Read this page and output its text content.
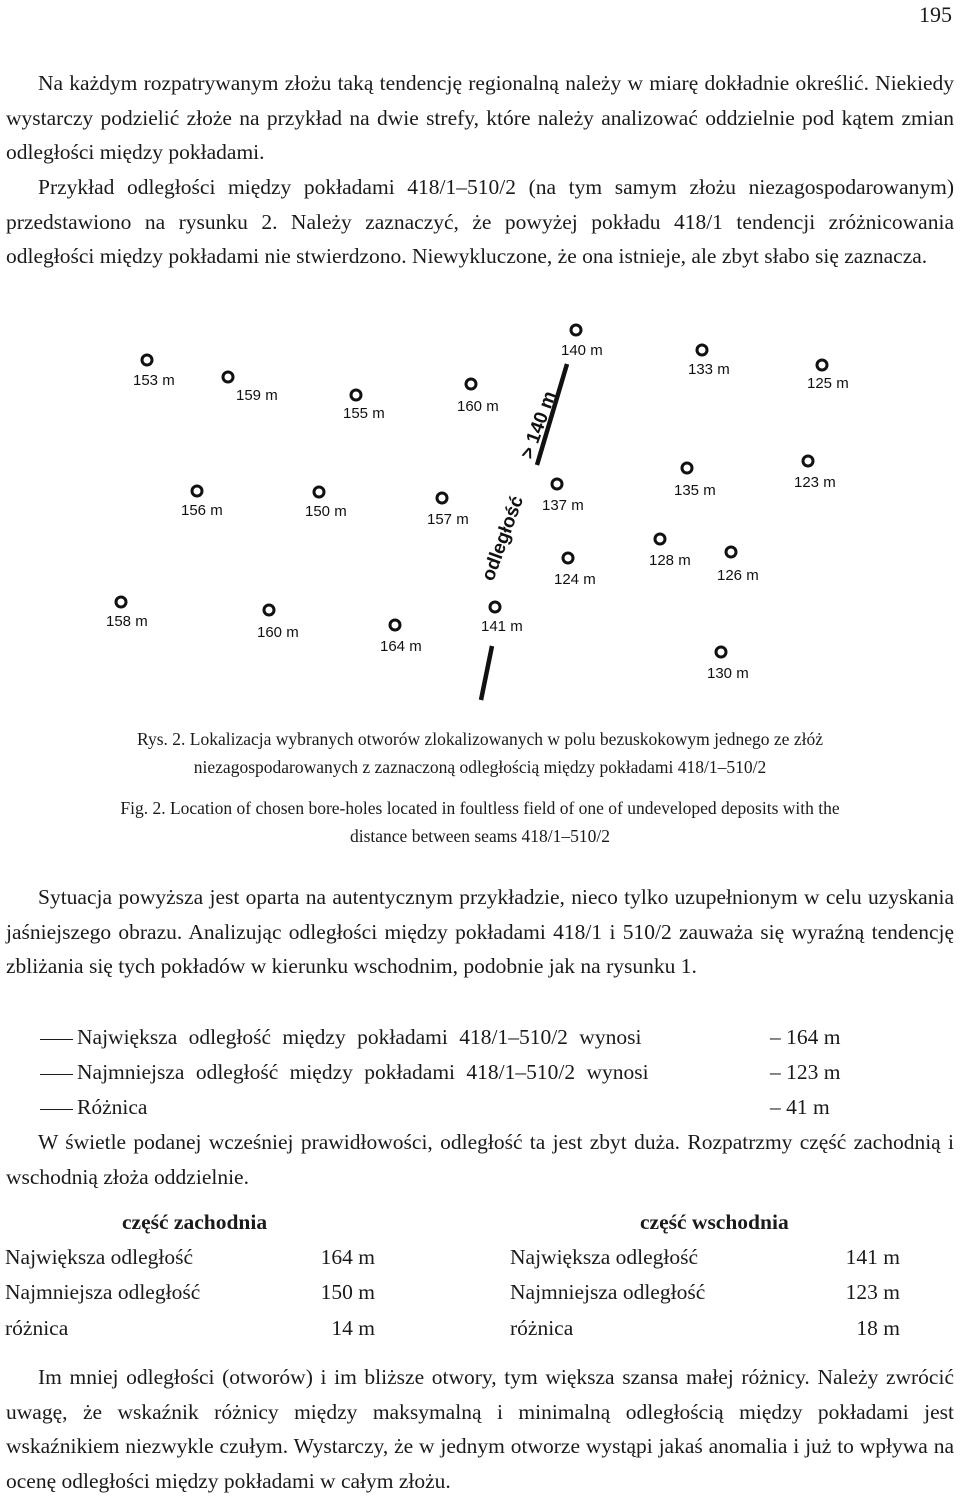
195

Na każdym rozpatrywanym złożu taką tendencję regionalną należy w miarę dokładnie określić. Niekiedy wystarczy podzielić złoże na przykład na dwie strefy, które należy analizować oddzielnie pod kątem zmian odległości między pokładami.

Przykład odległości między pokładami 418/1–510/2 (na tym samym złożu niezagospodarowanym) przedstawiono na rysunku 2. Należy zaznaczyć, że powyżej pokładu 418/1 tendencji zróżnicowania odległości między pokładami nie stwierdzono. Niewykluczone, że ona istnieje, ale zbyt słabo się zaznacza.

153 m
159 m
155 m	160 m
140 m
133 m
125 m
156 m	150 m	157 m
137 m
135 m	123 m
128 m
124 m	126 m
158 m
160 m
164 m
141 m
130 m
> 140 m
odległość
Rys. 2. Lokalizacja wybranych otworów zlokalizowanych w polu bezuskokowym jednego ze złóż
niezagospodarowanych z zaznaczoną odległością między pokładami 418/1–510/2
Fig. 2. Location of chosen bore-holes located in foultless field of one of undeveloped deposits with the
distance between seams 418/1–510/2

Sytuacja powyższa jest oparta na autentycznym przykładzie, nieco tylko uzupełnionym w celu uzyskania jaśniejszego obrazu. Analizując odległości między pokładami 418/1 i 510/2 zauważa się wyraźną tendencję zbliżania się tych pokładów w kierunku wschodnim, podobnie jak na rysunku 1.

Największa odległość między pokładami 418/1–510/2 wynosi	– 164 m
Najmniejsza odległość między pokładami 418/1–510/2 wynosi	– 123 m
Różnica	– 41 m

W świetle podanej wcześniej prawidłowości, odległość ta jest zbyt duża. Rozpatrzmy część zachodnią i wschodnią złoża oddzielnie.

część zachodnia	część wschodnia
Największa odległość	164 m	Największa odległość	141 m
Najmniejsza odległość	150 m	Najmniejsza odległość	123 m
różnica	14 m	różnica	18 m

Im mniej odległości (otworów) i im bliższe otwory, tym większa szansa małej różnicy. Należy zwrócić uwagę, że wskaźnik różnicy między maksymalną i minimalną odległością między pokładami jest wskaźnikiem niezwykle czułym. Wystarczy, że w jednym otworze wystąpi jakaś anomalia i już to wpływa na ocenę odległości między pokładami w całym złożu.
